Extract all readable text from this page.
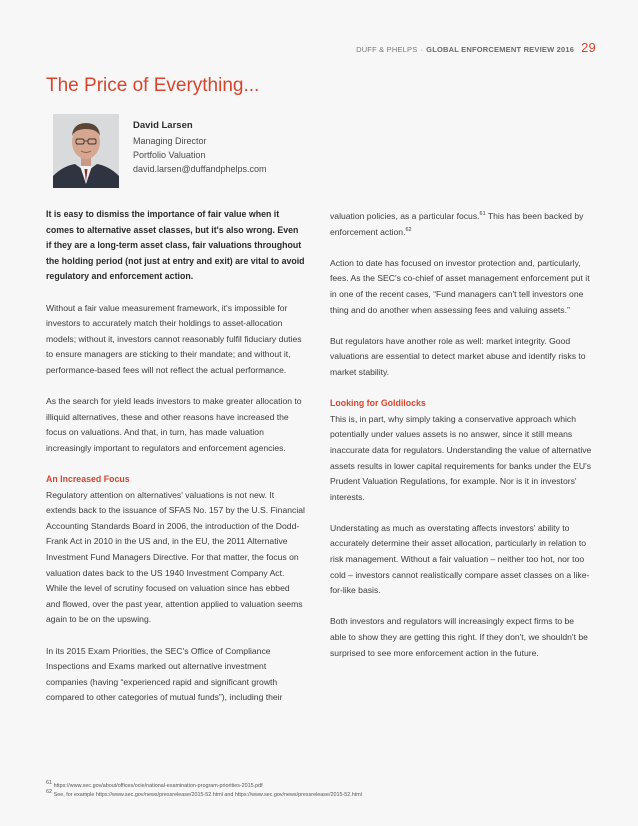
DUFF & PHELPS · GLOBAL ENFORCEMENT REVIEW 2016 29
The Price of Everything...
David Larsen
Managing Director
Portfolio Valuation
david.larsen@duffandphelps.com

It is easy to dismiss the importance of fair value when it comes to alternative asset classes, but it's also wrong. Even if they are a long-term asset class, fair valuations throughout the holding period (not just at entry and exit) are vital to avoid regulatory and enforcement action.

Without a fair value measurement framework, it's impossible for investors to accurately match their holdings to asset-allocation models; without it, investors cannot reasonably fulfil fiduciary duties to ensure managers are sticking to their mandate; and without it, performance-based fees will not reflect the actual performance.

As the search for yield leads investors to make greater allocation to illiquid alternatives, these and other reasons have increased the focus on valuations. And that, in turn, has made valuation increasingly important to regulators and enforcement agencies.

An Increased Focus

Regulatory attention on alternatives' valuations is not new. It extends back to the issuance of SFAS No. 157 by the U.S. Financial Accounting Standards Board in 2006, the introduction of the Dodd-Frank Act in 2010 in the US and, in the EU, the 2011 Alternative Investment Fund Managers Directive. For that matter, the focus on valuation dates back to the US 1940 Investment Company Act. While the level of scrutiny focused on valuation since has ebbed and flowed, over the past year, attention applied to valuation seems again to be on the upswing.

In its 2015 Exam Priorities, the SEC's Office of Compliance Inspections and Exams marked out alternative investment companies (having “experienced rapid and significant growth compared to other categories of mutual funds”), including their

valuation policies, as a particular focus.$^{61}$ This has been backed by enforcement action.$^{62}$

Action to date has focused on investor protection and, particularly, fees. As the SEC's co-chief of asset management enforcement put it in one of the recent cases, “Fund managers can't tell investors one thing and do another when assessing fees and valuing assets.”

But regulators have another role as well: market integrity. Good valuations are essential to detect market abuse and identify risks to market stability.

Looking for Goldilocks

This is, in part, why simply taking a conservative approach which potentially under values assets is no answer, since it still means inaccurate data for regulators. Understanding the value of alternative assets results in lower capital requirements for banks under the EU's Prudent Valuation Regulations, for example. Nor is it in investors' interests.

Understating as much as overstating affects investors' ability to accurately determine their asset allocation, particularly in relation to risk management. Without a fair valuation – neither too hot, nor too cold – investors cannot realistically compare asset classes on a like-for-like basis.

Both investors and regulators will increasingly expect firms to be able to show they are getting this right. If they don't, we shouldn't be surprised to see more enforcement action in the future.

$^{61}$ https://www.sec.gov/about/offices/ocie/national-examination-program-priorities-2015.pdf
$^{62}$ See, for example https://www.sec.gov/news/pressrelease/2015-52.html and https://www.sec.gov/news/pressrelease/2015-52.html
